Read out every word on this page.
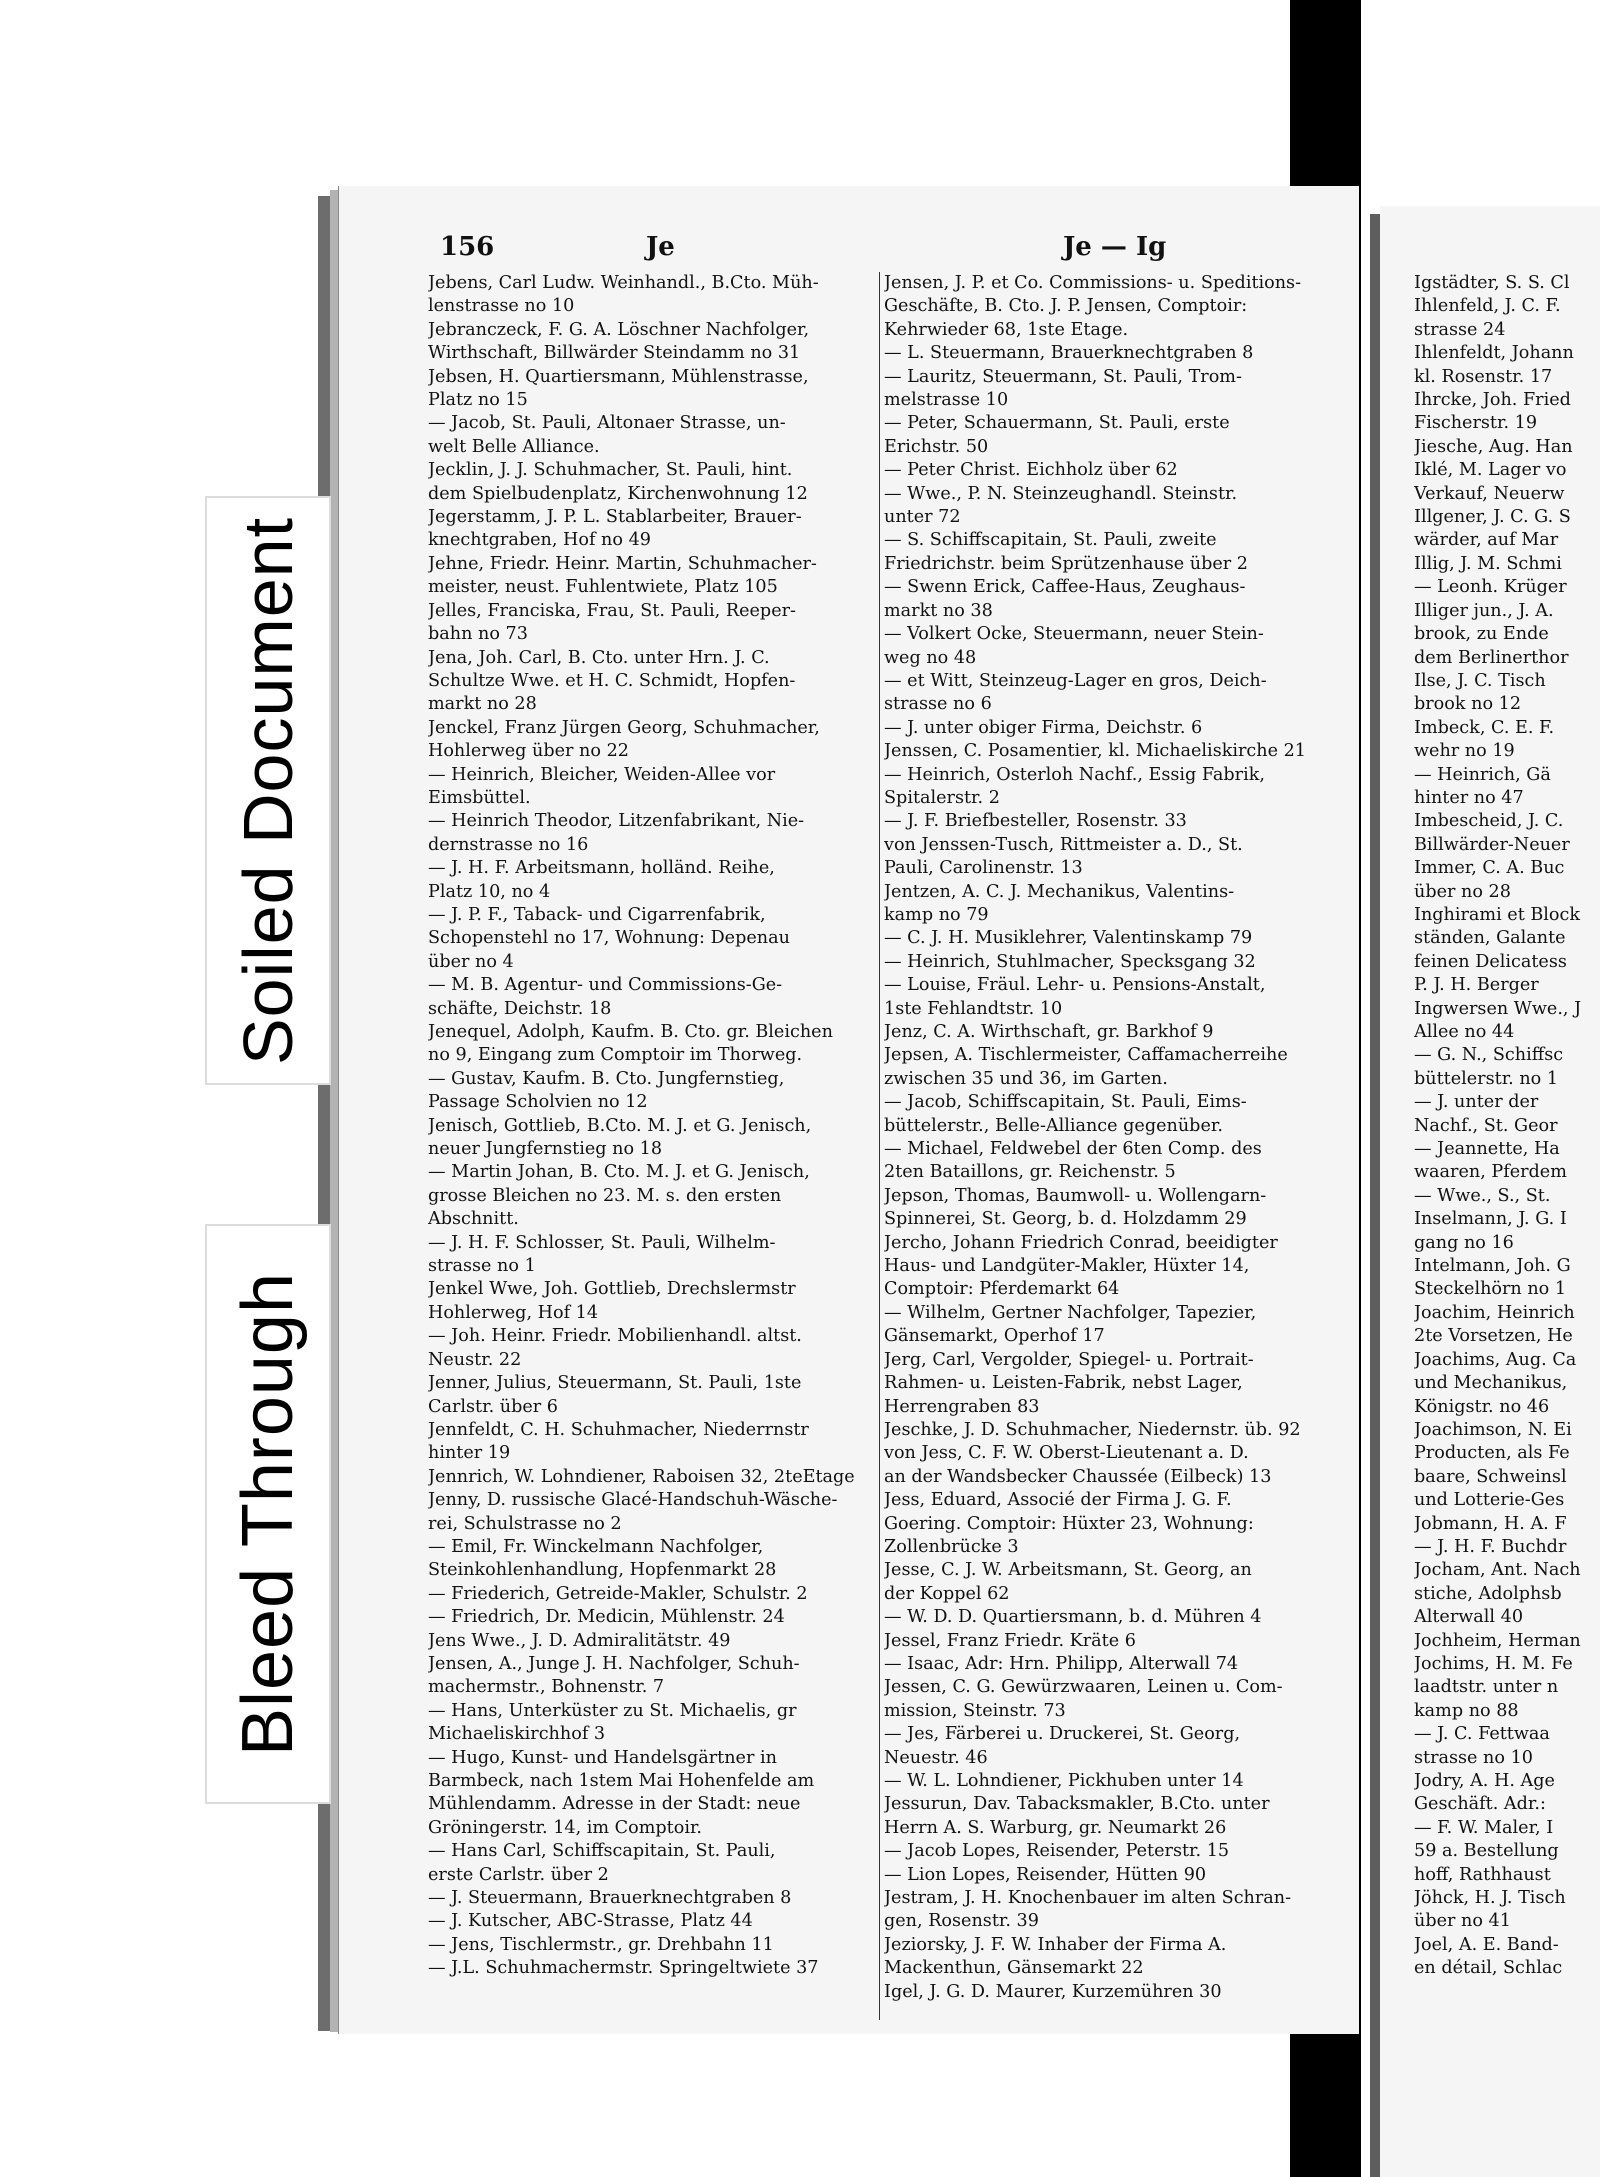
Soiled Document
Bleed Through
156	Je	Je — Ig
Jebens, Carl Ludw. Weinhandl., B.Cto. Müh-
lenstrasse no 10
Jebranczeck, F. G. A. Löschner Nachfolger,
Wirthschaft, Billwärder Steindamm no 31
Jebsen, H. Quartiersmann, Mühlenstrasse,
Platz no 15
— Jacob, St. Pauli, Altonaer Strasse, un-
welt Belle Alliance.
Jecklin, J. J. Schuhmacher, St. Pauli, hint.
dem Spielbudenplatz, Kirchenwohnung 12
Jegerstamm, J. P. L. Stablarbeiter, Brauer-
knechtgraben, Hof no 49
Jehne, Friedr. Heinr. Martin, Schuhmacher-
meister, neust. Fuhlentwiete, Platz 105
Jelles, Franciska, Frau, St. Pauli, Reeper-
bahn no 73
Jena, Joh. Carl, B. Cto. unter Hrn. J. C.
Schultze Wwe. et H. C. Schmidt, Hopfen-
markt no 28
Jenckel, Franz Jürgen Georg, Schuhmacher,
Hohlerweg über no 22
— Heinrich, Bleicher, Weiden-Allee vor
Eimsbüttel.
— Heinrich Theodor, Litzenfabrikant, Nie-
dernstrasse no 16
— J. H. F. Arbeitsmann, holländ. Reihe,
Platz 10, no 4
— J. P. F., Taback- und Cigarrenfabrik,
Schopenstehl no 17, Wohnung: Depenau
über no 4
— M. B. Agentur- und Commissions-Ge-
schäfte, Deichstr. 18
Jenequel, Adolph, Kaufm. B. Cto. gr. Bleichen
no 9, Eingang zum Comptoir im Thorweg.
— Gustav, Kaufm. B. Cto. Jungfernstieg,
Passage Scholvien no 12
Jenisch, Gottlieb, B.Cto. M. J. et G. Jenisch,
neuer Jungfernstieg no 18
— Martin Johan, B. Cto. M. J. et G. Jenisch,
grosse Bleichen no 23. M. s. den ersten
Abschnitt.
— J. H. F. Schlosser, St. Pauli, Wilhelm-
strasse no 1
Jenkel Wwe, Joh. Gottlieb, Drechslermstr
Hohlerweg, Hof 14
— Joh. Heinr. Friedr. Mobilienhandl. altst.
Neustr. 22
Jenner, Julius, Steuermann, St. Pauli, 1ste
Carlstr. über 6
Jennfeldt, C. H. Schuhmacher, Niederrnstr
hinter 19
Jennrich, W. Lohndiener, Raboisen 32, 2teEtage
Jenny, D. russische Glacé-Handschuh-Wäsche-
rei, Schulstrasse no 2
— Emil, Fr. Winckelmann Nachfolger,
Steinkohlenhandlung, Hopfenmarkt 28
— Friederich, Getreide-Makler, Schulstr. 2
— Friedrich, Dr. Medicin, Mühlenstr. 24
Jens Wwe., J. D. Admiralitätstr. 49
Jensen, A., Junge J. H. Nachfolger, Schuh-
machermstr., Bohnenstr. 7
— Hans, Unterküster zu St. Michaelis, gr
Michaeliskirchhof 3
— Hugo, Kunst- und Handelsgärtner in
Barmbeck, nach 1stem Mai Hohenfelde am
Mühlendamm. Adresse in der Stadt: neue
Gröningerstr. 14, im Comptoir.
— Hans Carl, Schiffscapitain, St. Pauli,
erste Carlstr. über 2
— J. Steuermann, Brauerknechtgraben 8
— J. Kutscher, ABC-Strasse, Platz 44
— Jens, Tischlermstr., gr. Drehbahn 11
— J.L. Schuhmachermstr. Springeltwiete 37
Jensen, J. P. et Co. Commissions- u. Speditions-
Geschäfte, B. Cto. J. P. Jensen, Comptoir:
Kehrwieder 68, 1ste Etage.
— L. Steuermann, Brauerknechtgraben 8
— Lauritz, Steuermann, St. Pauli, Trom-
melstrasse 10
— Peter, Schauermann, St. Pauli, erste
Erichstr. 50
— Peter Christ. Eichholz über 62
— Wwe., P. N. Steinzeughandl. Steinstr.
unter 72
— S. Schiffscapitain, St. Pauli, zweite
Friedrichstr. beim Sprützenhause über 2
— Swenn Erick, Caffee-Haus, Zeughaus-
markt no 38
— Volkert Ocke, Steuermann, neuer Stein-
weg no 48
— et Witt, Steinzeug-Lager en gros, Deich-
strasse no 6
— J. unter obiger Firma, Deichstr. 6
Jenssen, C. Posamentier, kl. Michaeliskirche 21
— Heinrich, Osterloh Nachf., Essig Fabrik,
Spitalerstr. 2
— J. F. Briefbesteller, Rosenstr. 33
von Jenssen-Tusch, Rittmeister a. D., St.
Pauli, Carolinenstr. 13
Jentzen, A. C. J. Mechanikus, Valentins-
kamp no 79
— C. J. H. Musiklehrer, Valentinskamp 79
— Heinrich, Stuhlmacher, Specksgang 32
— Louise, Fräul. Lehr- u. Pensions-Anstalt,
1ste Fehlandtstr. 10
Jenz, C. A. Wirthschaft, gr. Barkhof 9
Jepsen, A. Tischlermeister, Caffamacherreihe
zwischen 35 und 36, im Garten.
— Jacob, Schiffscapitain, St. Pauli, Eims-
büttelerstr., Belle-Alliance gegenüber.
— Michael, Feldwebel der 6ten Comp. des
2ten Bataillons, gr. Reichenstr. 5
Jepson, Thomas, Baumwoll- u. Wollengarn-
Spinnerei, St. Georg, b. d. Holzdamm 29
Jercho, Johann Friedrich Conrad, beeidigter
Haus- und Landgüter-Makler, Hüxter 14,
Comptoir: Pferdemarkt 64
— Wilhelm, Gertner Nachfolger, Tapezier,
Gänsemarkt, Operhof 17
Jerg, Carl, Vergolder, Spiegel- u. Portrait-
Rahmen- u. Leisten-Fabrik, nebst Lager,
Herrengraben 83
Jeschke, J. D. Schuhmacher, Niedernstr. üb. 92
von Jess, C. F. W. Oberst-Lieutenant a. D.
an der Wandsbecker Chaussée (Eilbeck) 13
Jess, Eduard, Associé der Firma J. G. F.
Goering. Comptoir: Hüxter 23, Wohnung:
Zollenbrücke 3
Jesse, C. J. W. Arbeitsmann, St. Georg, an
der Koppel 62
— W. D. D. Quartiersmann, b. d. Mühren 4
Jessel, Franz Friedr. Kräte 6
— Isaac, Adr: Hrn. Philipp, Alterwall 74
Jessen, C. G. Gewürzwaaren, Leinen u. Com-
mission, Steinstr. 73
— Jes, Färberei u. Druckerei, St. Georg,
Neuestr. 46
— W. L. Lohndiener, Pickhuben unter 14
Jessurun, Dav. Tabacksmakler, B.Cto. unter
Herrn A. S. Warburg, gr. Neumarkt 26
— Jacob Lopes, Reisender, Peterstr. 15
— Lion Lopes, Reisender, Hütten 90
Jestram, J. H. Knochenbauer im alten Schran-
gen, Rosenstr. 39
Jeziorsky, J. F. W. Inhaber der Firma A.
Mackenthun, Gänsemarkt 22
Igel, J. G. D. Maurer, Kurzemühren 30
Igstädter, S. S. Cl
Ihlenfeld, J. C. F.
strasse 24
Ihlenfeldt, Johann
kl. Rosenstr. 17
Ihrcke, Joh. Fried
Fischerstr. 19
Jiesche, Aug. Han
Iklé, M. Lager vo
Verkauf, Neuerw
Illgener, J. C. G. S
wärder, auf Mar
Illig, J. M. Schmi
— Leonh. Krüger
Illiger jun., J. A.
brook, zu Ende
dem Berlinerthor
Ilse, J. C. Tisch
brook no 12
Imbeck, C. E. F.
wehr no 19
— Heinrich, Gä
hinter no 47
Imbescheid, J. C.
Billwärder-Neuer
Immer, C. A. Buc
über no 28
Inghirami et Block
ständen, Galante
feinen Delicatess
P. J. H. Berger
Ingwersen Wwe., J
Allee no 44
— G. N., Schiffsc
büttelerstr. no 1
— J. unter der
Nachf., St. Geor
— Jeannette, Ha
waaren, Pferdem
— Wwe., S., St.
Inselmann, J. G. I
gang no 16
Intelmann, Joh. G
Steckelhörn no 1
Joachim, Heinrich
2te Vorsetzen, He
Joachims, Aug. Ca
und Mechanikus,
Königstr. no 46
Joachimson, N. Ei
Producten, als Fe
baare, Schweinsl
und Lotterie-Ges
Jobmann, H. A. F
— J. H. F. Buchdr
Jocham, Ant. Nach
stiche, Adolphsb
Alterwall 40
Jochheim, Herman
Jochims, H. M. Fe
laadtstr. unter n
kamp no 88
— J. C. Fettwaa
strasse no 10
Jodry, A. H. Age
Geschäft. Adr.:
— F. W. Maler, I
59 a. Bestellung
hoff, Rathhaust
Jöhck, H. J. Tisch
über no 41
Joel, A. E. Band-
en détail, Schlac
